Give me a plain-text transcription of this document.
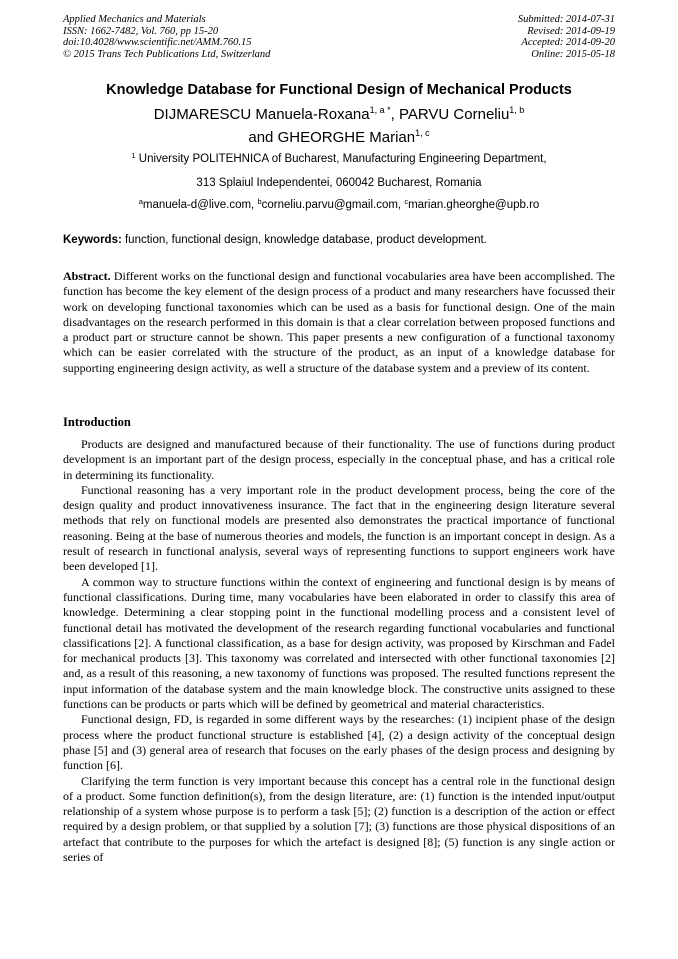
Applied Mechanics and Materials
ISSN: 1662-7482, Vol. 760, pp 15-20
doi:10.4028/www.scientific.net/AMM.760.15
© 2015 Trans Tech Publications Ltd, Switzerland
Submitted: 2014-07-31
Revised: 2014-09-19
Accepted: 2014-09-20
Online: 2015-05-18
Knowledge Database for Functional Design of Mechanical Products
DIJMARESCU Manuela-Roxana$^{1, a *}$, PARVU Corneliu$^{1, b}$
and GHEORGHE Marian$^{1, c}$
$^1$ University POLITEHNICA of Bucharest, Manufacturing Engineering Department,
313 Splaiul Independentei, 060042 Bucharest, Romania
$^a$manuela-d@live.com, $^b$corneliu.parvu@gmail.com, $^c$marian.gheorghe@upb.ro
Keywords: function, functional design, knowledge database, product development.

Abstract. Different works on the functional design and functional vocabularies area have been accomplished. The function has become the key element of the design process of a product and many researchers have focussed their work on developing functional taxonomies which can be used as a basis for functional design. One of the main disadvantages on the research performed in this domain is that a clear correlation between proposed functions and a product part or structure cannot be shown. This paper presents a new configuration of a functional taxonomy which can be easier correlated with the structure of the product, as an input of a knowledge database for supporting engineering design activity, as well a structure of the database system and a preview of its content.

Introduction

Products are designed and manufactured because of their functionality. The use of functions during product development is an important part of the design process, especially in the conceptual phase, and has a critical role in determining its functionality.

Functional reasoning has a very important role in the product development process, being the core of the design quality and product innovativeness insurance. The fact that in the engineering design literature several methods that rely on functional models are presented also demonstrates the practical importance of functional reasoning. Being at the base of numerous theories and models, the function is an important concept in design. As a result of research in functional analysis, several ways of representing functions to support engineers work have been developed [1].

A common way to structure functions within the context of engineering and functional design is by means of functional classifications. During time, many vocabularies have been elaborated in order to classify this area of knowledge. Determining a clear stopping point in the functional modelling process and a consistent level of functional detail has motivated the development of the research regarding functional vocabularies and functional classifications [2]. A functional classification, as a base for design activity, was proposed by Kirschman and Fadel for mechanical products [3]. This taxonomy was correlated and intersected with other functional taxonomies [2] and, as a result of this reasoning, a new taxonomy of functions was proposed. The resulted functions represent the input information of the database system and the main knowledge block. The constructive units assigned to these functions can be products or parts which will be defined by geometrical and material characteristics.

Functional design, FD, is regarded in some different ways by the researches: (1) incipient phase of the design process where the product functional structure is established [4], (2) a design activity of the conceptual design phase [5] and (3) general area of research that focuses on the early phases of the design process and designing by function [6].

Clarifying the term function is very important because this concept has a central role in the functional design of a product. Some function definition(s), from the design literature, are: (1) function is the intended input/output relationship of a system whose purpose is to perform a task [5]; (2) function is a description of the action or effect required by a design problem, or that supplied by a solution [7]; (3) functions are those physical dispositions of an artefact that contribute to the purposes for which the artefact is designed [8]; (5) function is any single action or series of
